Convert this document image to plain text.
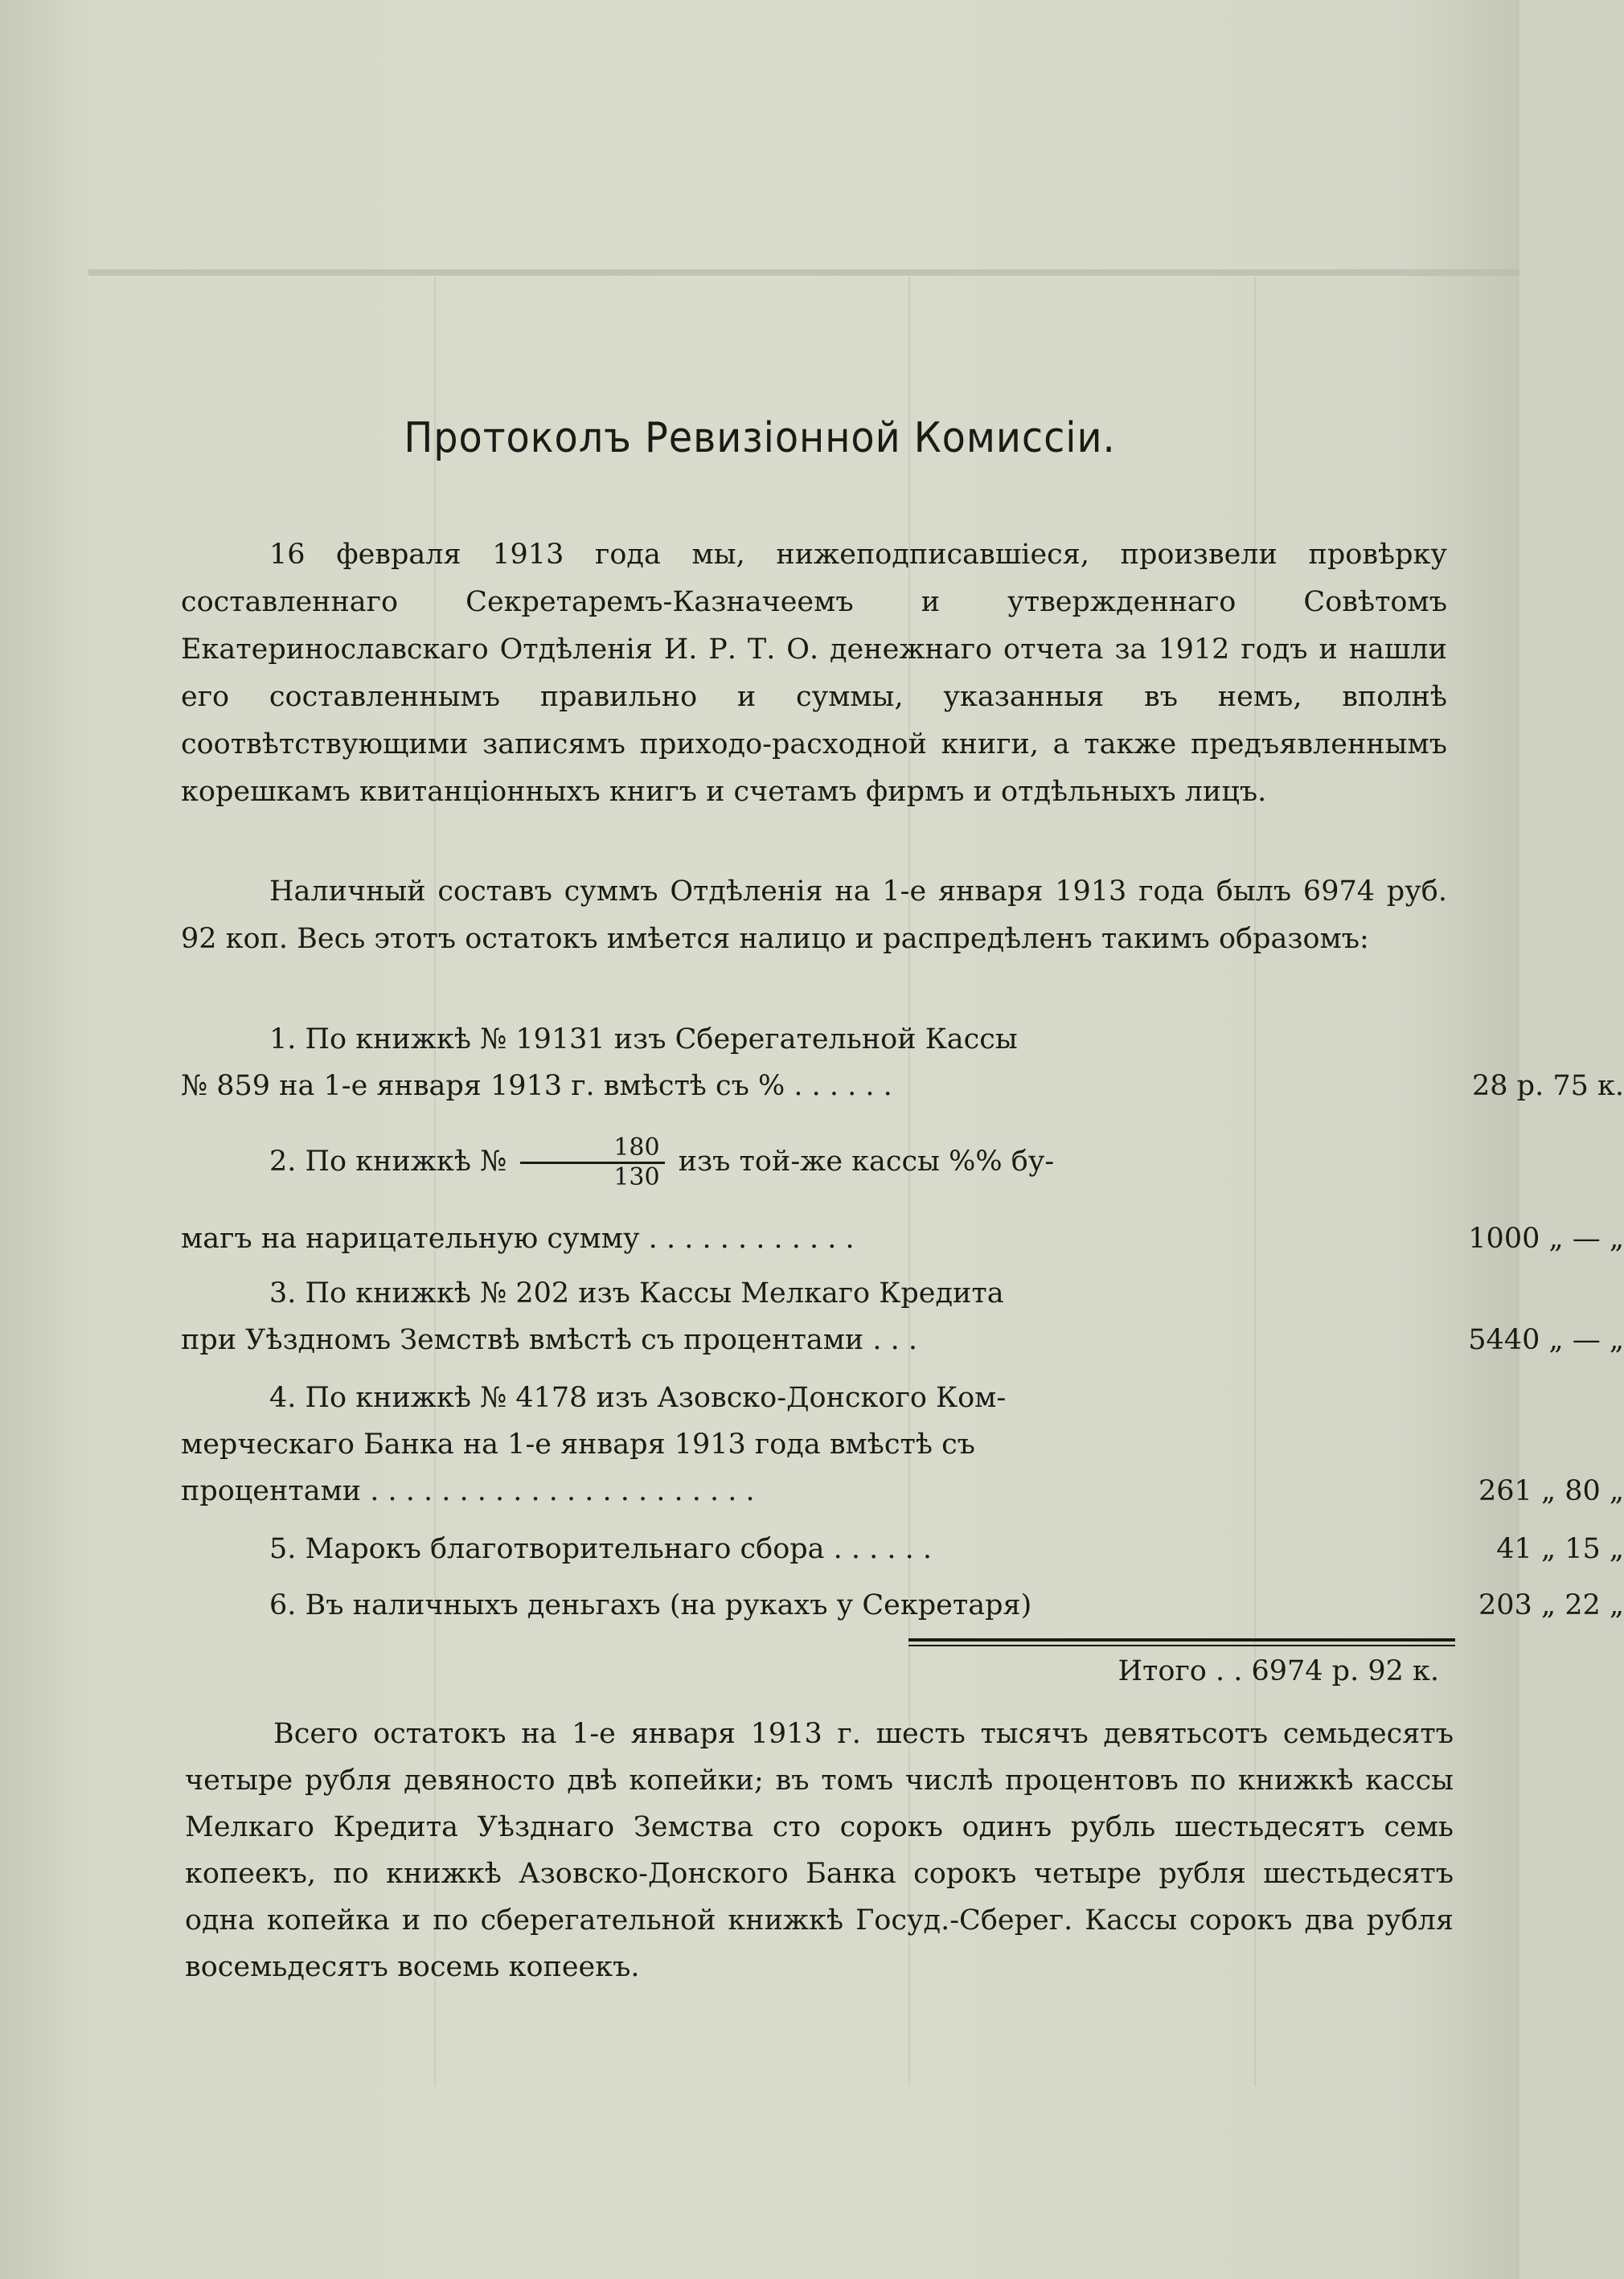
Протоколъ Ревизіонной Комиссіи.
16 февраля 1913 года мы, нижеподписавшіеся, произвели провѣрку составленнаго Секретаремъ-Казначеемъ и утвержденнаго Совѣтомъ Екатеринославскаго Отдѣленія И. Р. Т. О. денежнаго отчета за 1912 годъ и нашли его составленнымъ правильно и суммы, указанныя въ немъ, вполнѣ соотвѣтствующими записямъ приходо-расходной книги, а также предъявленнымъ корешкамъ квитанціонныхъ книгъ и счетамъ фирмъ и отдѣльныхъ лицъ.
Наличный составъ суммъ Отдѣленія на 1-е января 1913 года былъ 6974 руб. 92 коп. Весь этотъ остатокъ имѣется налицо и распредѣленъ такимъ образомъ:
1. По книжкѣ № 19131 изъ Сберегательной Кассы
№ 859 на 1-е января 1913 г. вмѣстѣ съ % . . . . . .	28 р. 75 к.
2. По книжкѣ № $\frac{180}{130}$ изъ той-же кассы %% бу-
магъ на нарицательную сумму . . . . . . . . . . . .	1000 „ — „
3. По книжкѣ № 202 изъ Кассы Мелкаго Кредита
при Уѣздномъ Земствѣ вмѣстѣ съ процентами . . .	5440 „ — „
4. По книжкѣ № 4178 изъ Азовско-Донского Ком-
мерческаго Банка на 1-е января 1913 года вмѣстѣ съ
процентами . . . . . . . . . . . . . . . . . . . . . .	261 „ 80 „
5. Марокъ благотворительнаго сбора . . . . . .	41 „ 15 „
6. Въ наличныхъ деньгахъ (на рукахъ у Секретаря)	203 „ 22 „
Итого . . 6974 р. 92 к.
Всего остатокъ на 1-е января 1913 г. шесть тысячъ девятьсотъ семьдесятъ четыре рубля девяносто двѣ копейки; въ томъ числѣ процентовъ по книжкѣ кассы Мелкаго Кредита Уѣзднаго Земства сто сорокъ одинъ рубль шестьдесятъ семь копеекъ, по книжкѣ Азовско-Донского Банка сорокъ четыре рубля шестьдесятъ одна копейка и по сберегательной книжкѣ Госуд.-Сберег. Кассы сорокъ два рубля восемьдесятъ восемь копеекъ.
